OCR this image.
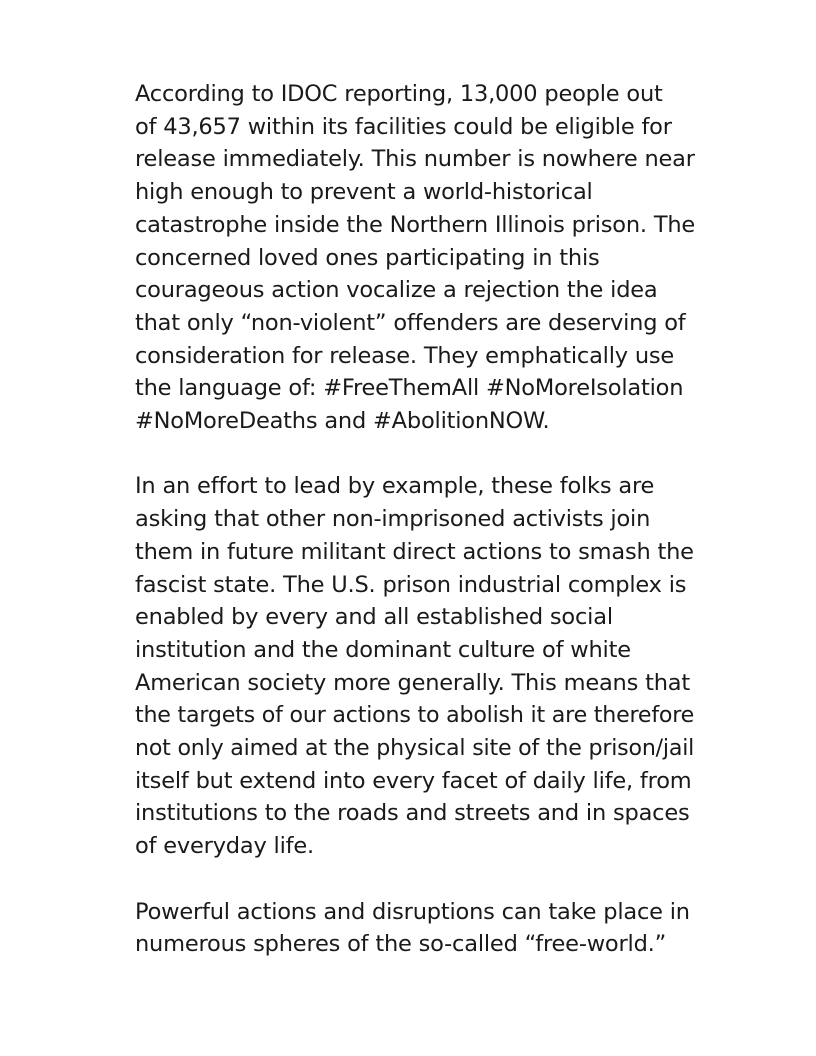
According to IDOC reporting, 13,000 people out
of 43,657 within its facilities could be eligible for
release immediately. This number is nowhere near
high enough to prevent a world-historical
catastrophe inside the Northern Illinois prison. The
concerned loved ones participating in this
courageous action vocalize a rejection the idea
that only “non-violent” offenders are deserving of
consideration for release. They emphatically use
the language of: #FreeThemAll #NoMoreIsolation
#NoMoreDeaths and #AbolitionNOW.

In an effort to lead by example, these folks are
asking that other non-imprisoned activists join
them in future militant direct actions to smash the
fascist state. The U.S. prison industrial complex is
enabled by every and all established social
institution and the dominant culture of white
American society more generally. This means that
the targets of our actions to abolish it are therefore
not only aimed at the physical site of the prison/jail
itself but extend into every facet of daily life, from
institutions to the roads and streets and in spaces
of everyday life.

Powerful actions and disruptions can take place in
numerous spheres of the so-called “free-world.”
